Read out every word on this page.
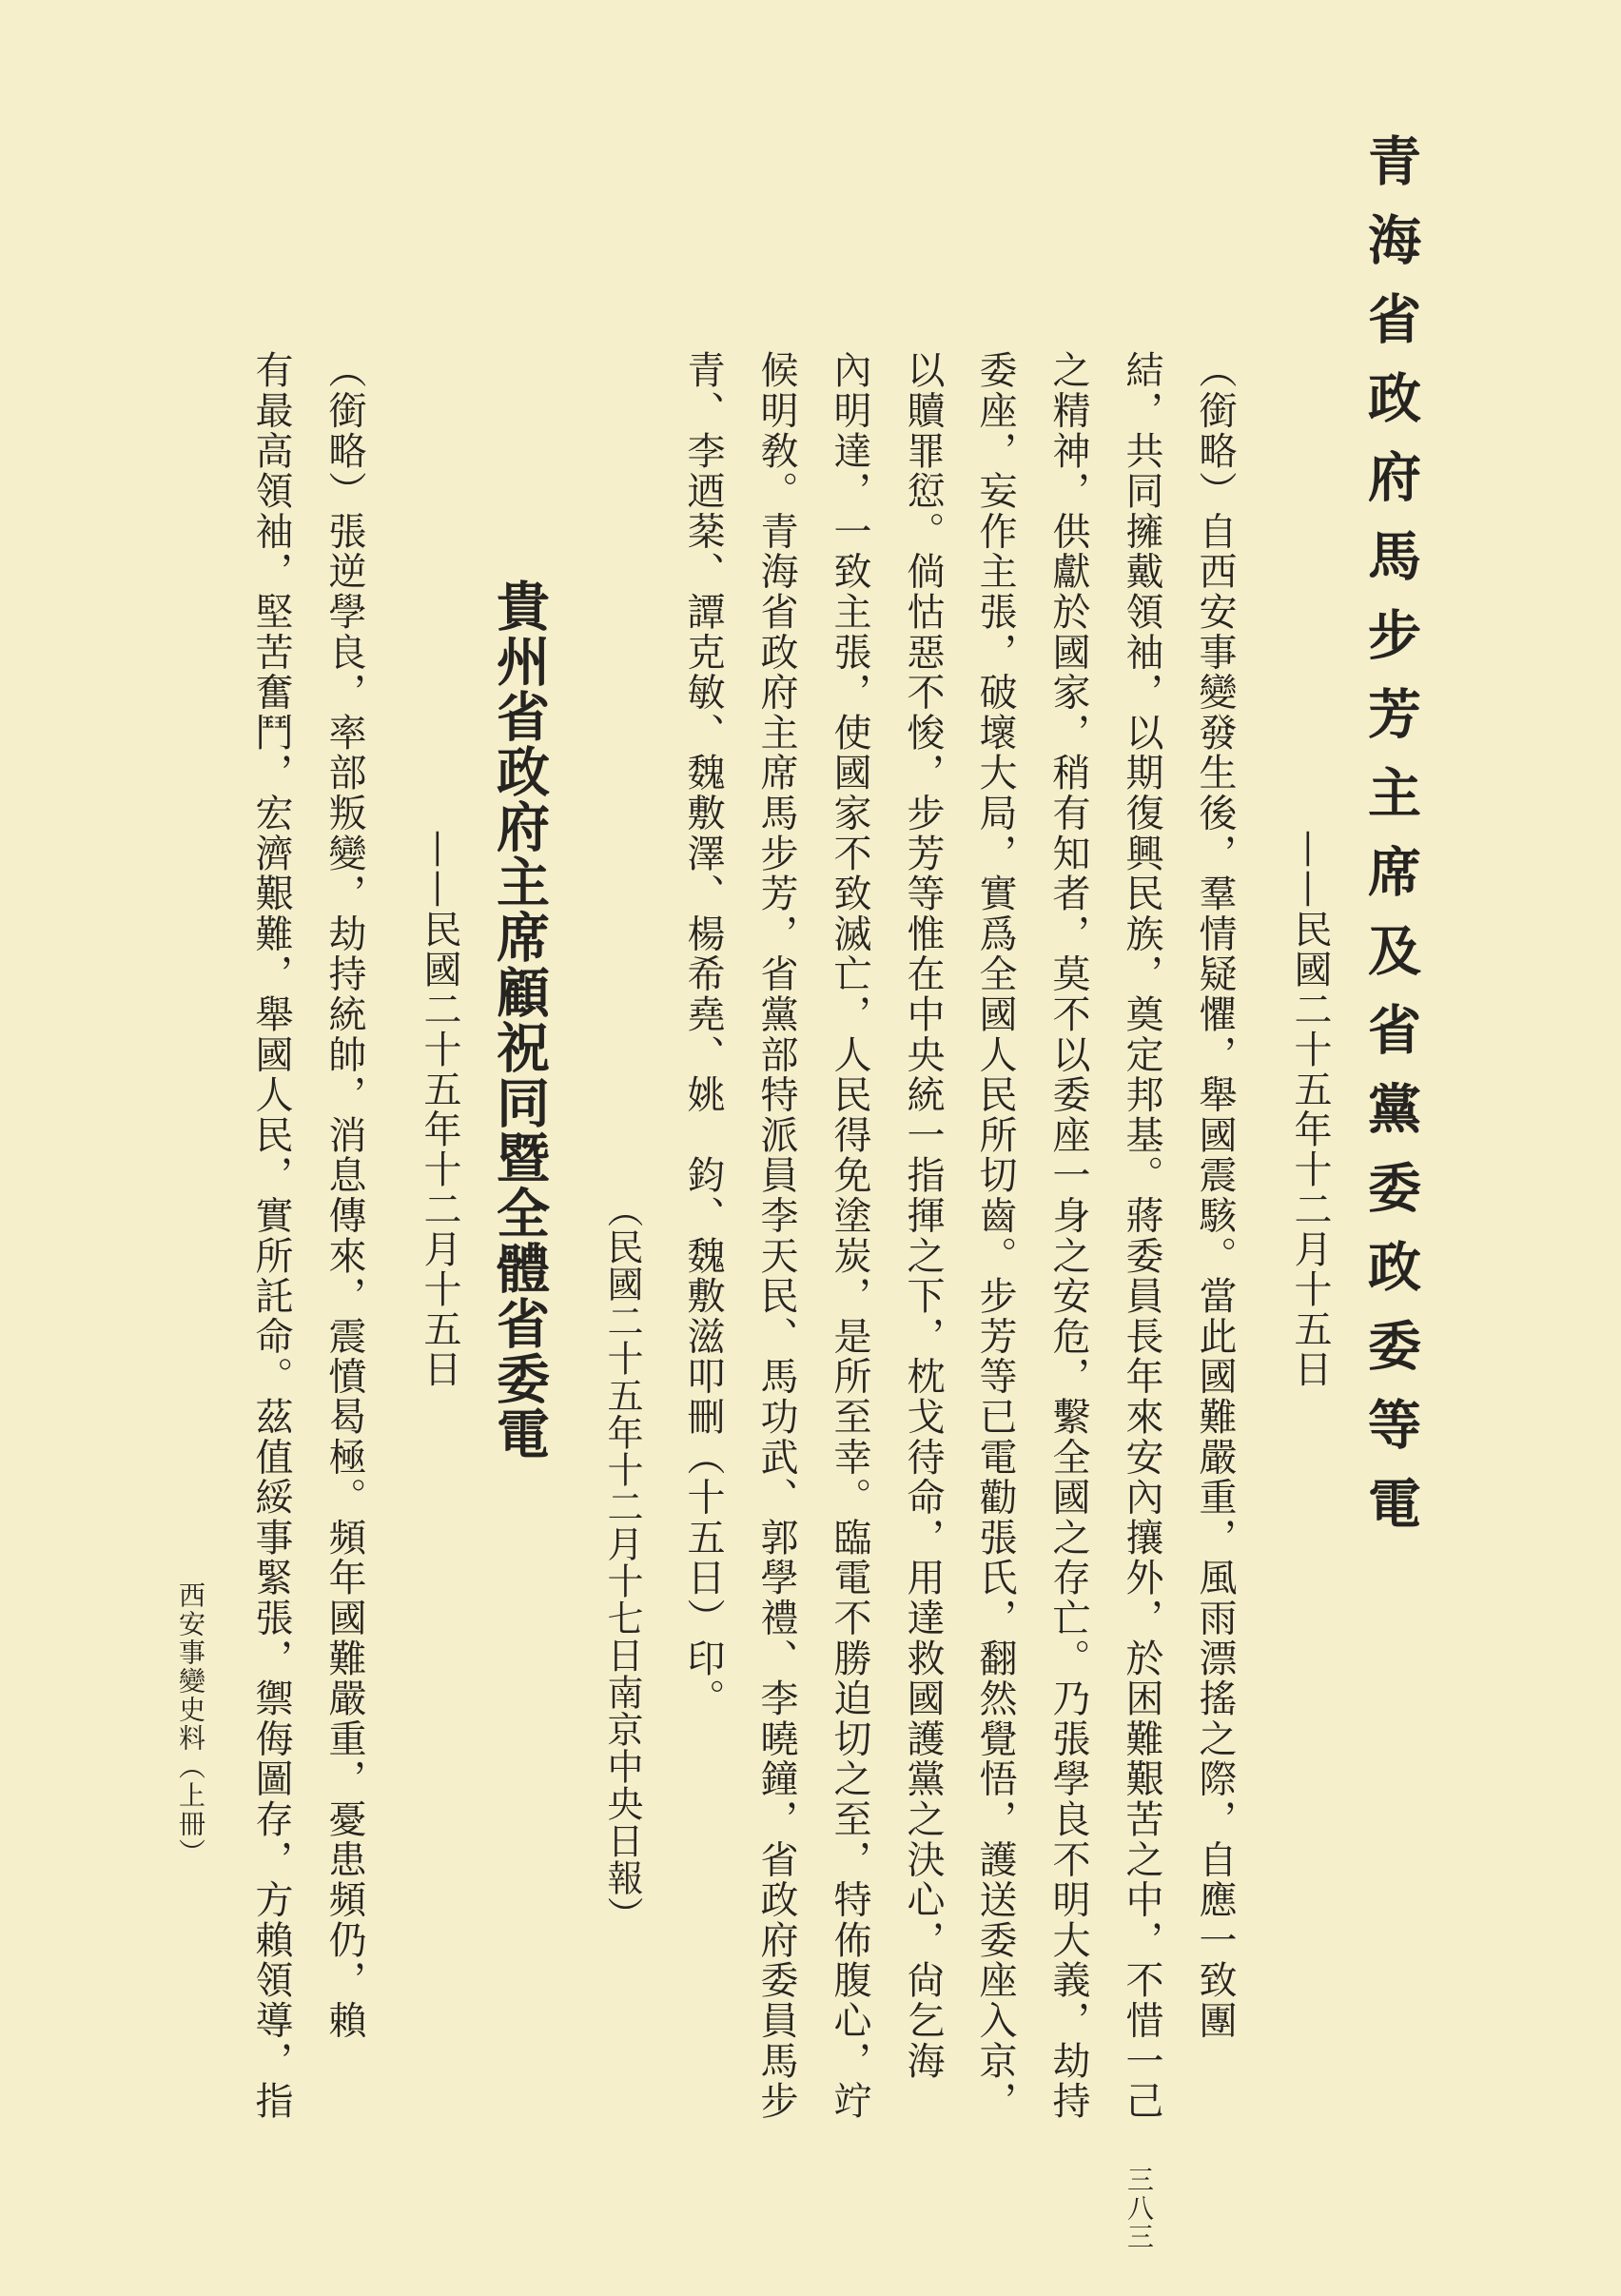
青海省政府馬步芳主席及省黨委政委等電
——民國二十五年十二月十五日
（銜略）自西安事變發生後，羣情疑懼，舉國震駭。當此國難嚴重，風雨漂搖之際，自應一致團
結，共同擁戴領袖，以期復興民族，奠定邦基。蔣委員長年來安內攘外，於困難艱苦之中，不惜一己
之精神，供獻於國家，稍有知者，莫不以委座一身之安危，繫全國之存亡。乃張學良不明大義，劫持
委座，妄作主張，破壞大局，實爲全國人民所切齒。步芳等已電勸張氏，翻然覺悟，護送委座入京，
以贖罪愆。倘怙惡不悛，步芳等惟在中央統一指揮之下，枕戈待命，用達救國護黨之決心，尙乞海
內明達，一致主張，使國家不致滅亡，人民得免塗炭，是所至幸。臨電不勝迫切之至，特佈腹心，竚
候明敎。青海省政府主席馬步芳，省黨部特派員李天民、馬功武、郭學禮、李曉鐘，省政府委員馬步
青、李迺棻、譚克敏、魏敷澤、楊希堯、姚　鈞、魏敷滋叩刪（十五日）印。
（民國二十五年十二月十七日南京中央日報）
貴州省政府主席顧祝同暨全體省委電
——民國二十五年十二月十五日
（銜略）張逆學良，率部叛變，劫持統帥，消息傳來，震憤曷極。頻年國難嚴重，憂患頻仍，賴
有最高領袖，堅苦奮鬥，宏濟艱難，舉國人民，實所託命。茲值綏事緊張，禦侮圖存，方賴領導，指
西安事變史料（上冊）
三八三
